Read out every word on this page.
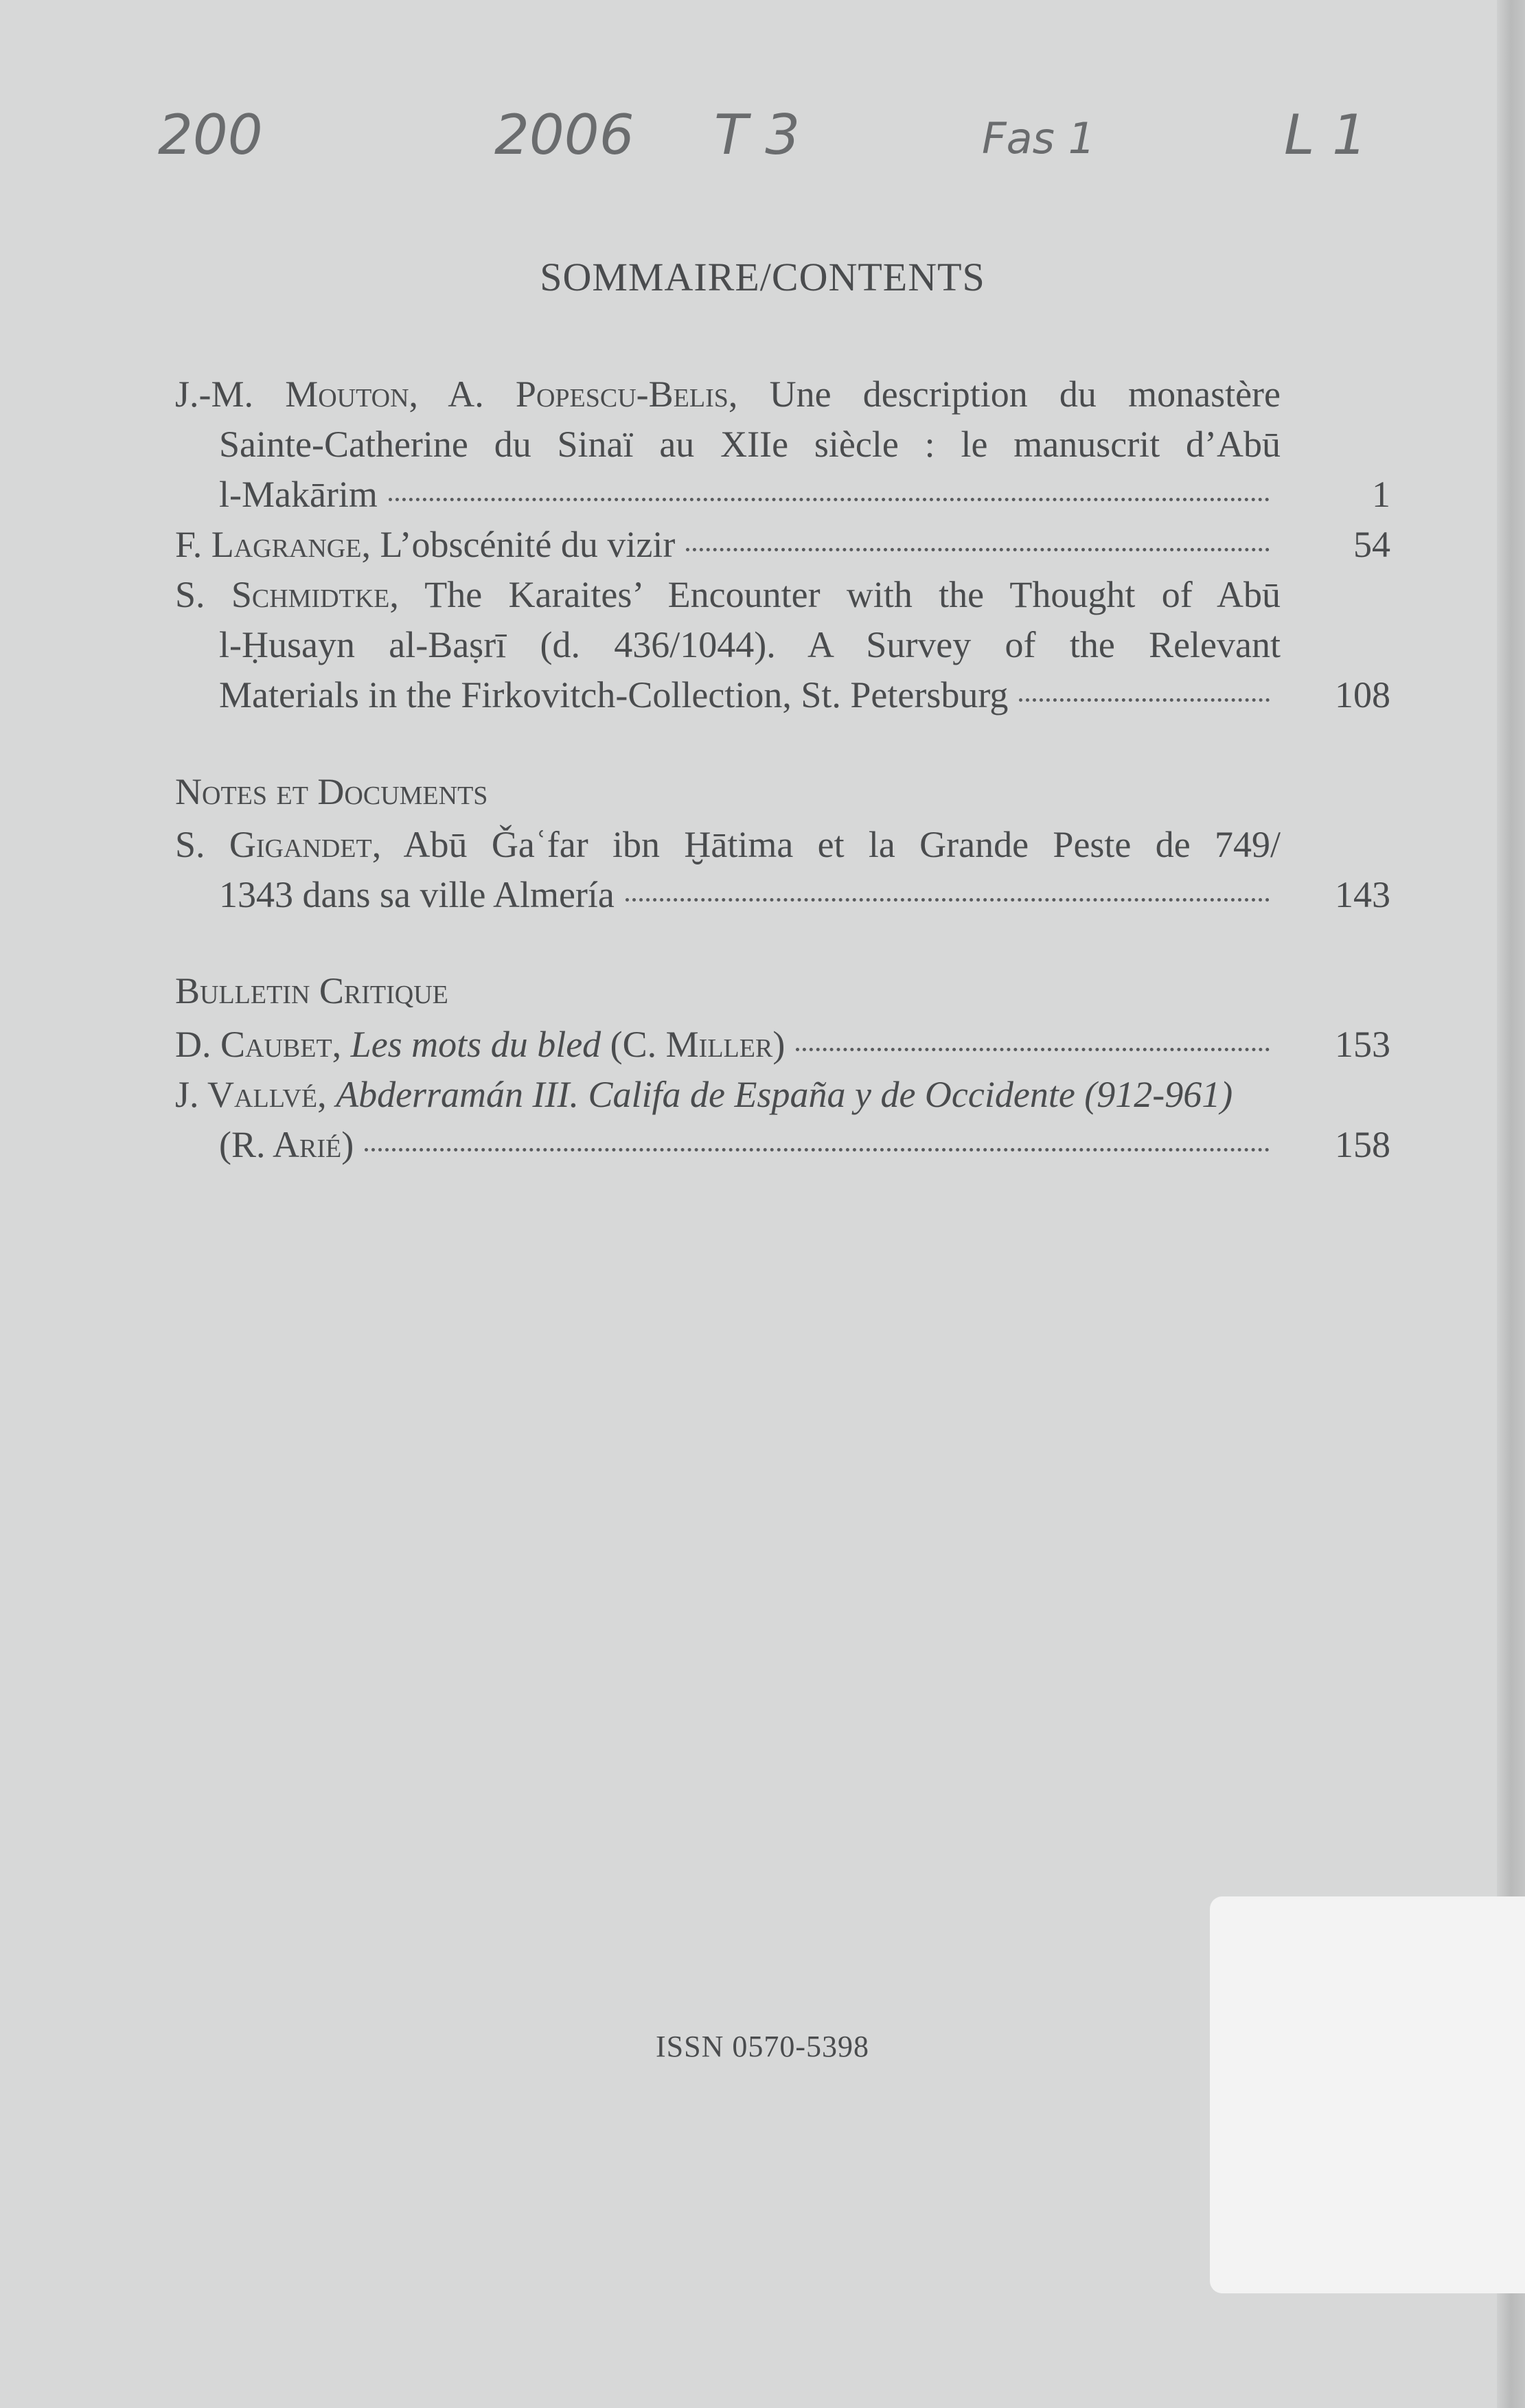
200	2006 T 3	Fas 1	L 1
SOMMAIRE/CONTENTS
J.-M. Mouton, A. Popescu-Belis, Une description du monastère
Sainte-Catherine du Sinaï au XIIe siècle : le manuscrit d’Abū
l-Makārim	1
F. Lagrange, L’obscénité du vizir	54
S. Schmidtke, The Karaites’ Encounter with the Thought of Abū
l-Ḥusayn al-Baṣrī (d. 436/1044). A Survey of the Relevant
Materials in the Firkovitch-Collection, St. Petersburg	108
Notes et Documents
S. Gigandet, Abū Ǧaʿfar ibn Ḫātima et la Grande Peste de 749/
1343 dans sa ville Almería	143
Bulletin Critique
D. Caubet, Les mots du bled (C. Miller)	153
J. Vallvé, Abderramán III. Califa de España y de Occidente (912-961)
(R. Arié)	158
ISSN 0570-5398
